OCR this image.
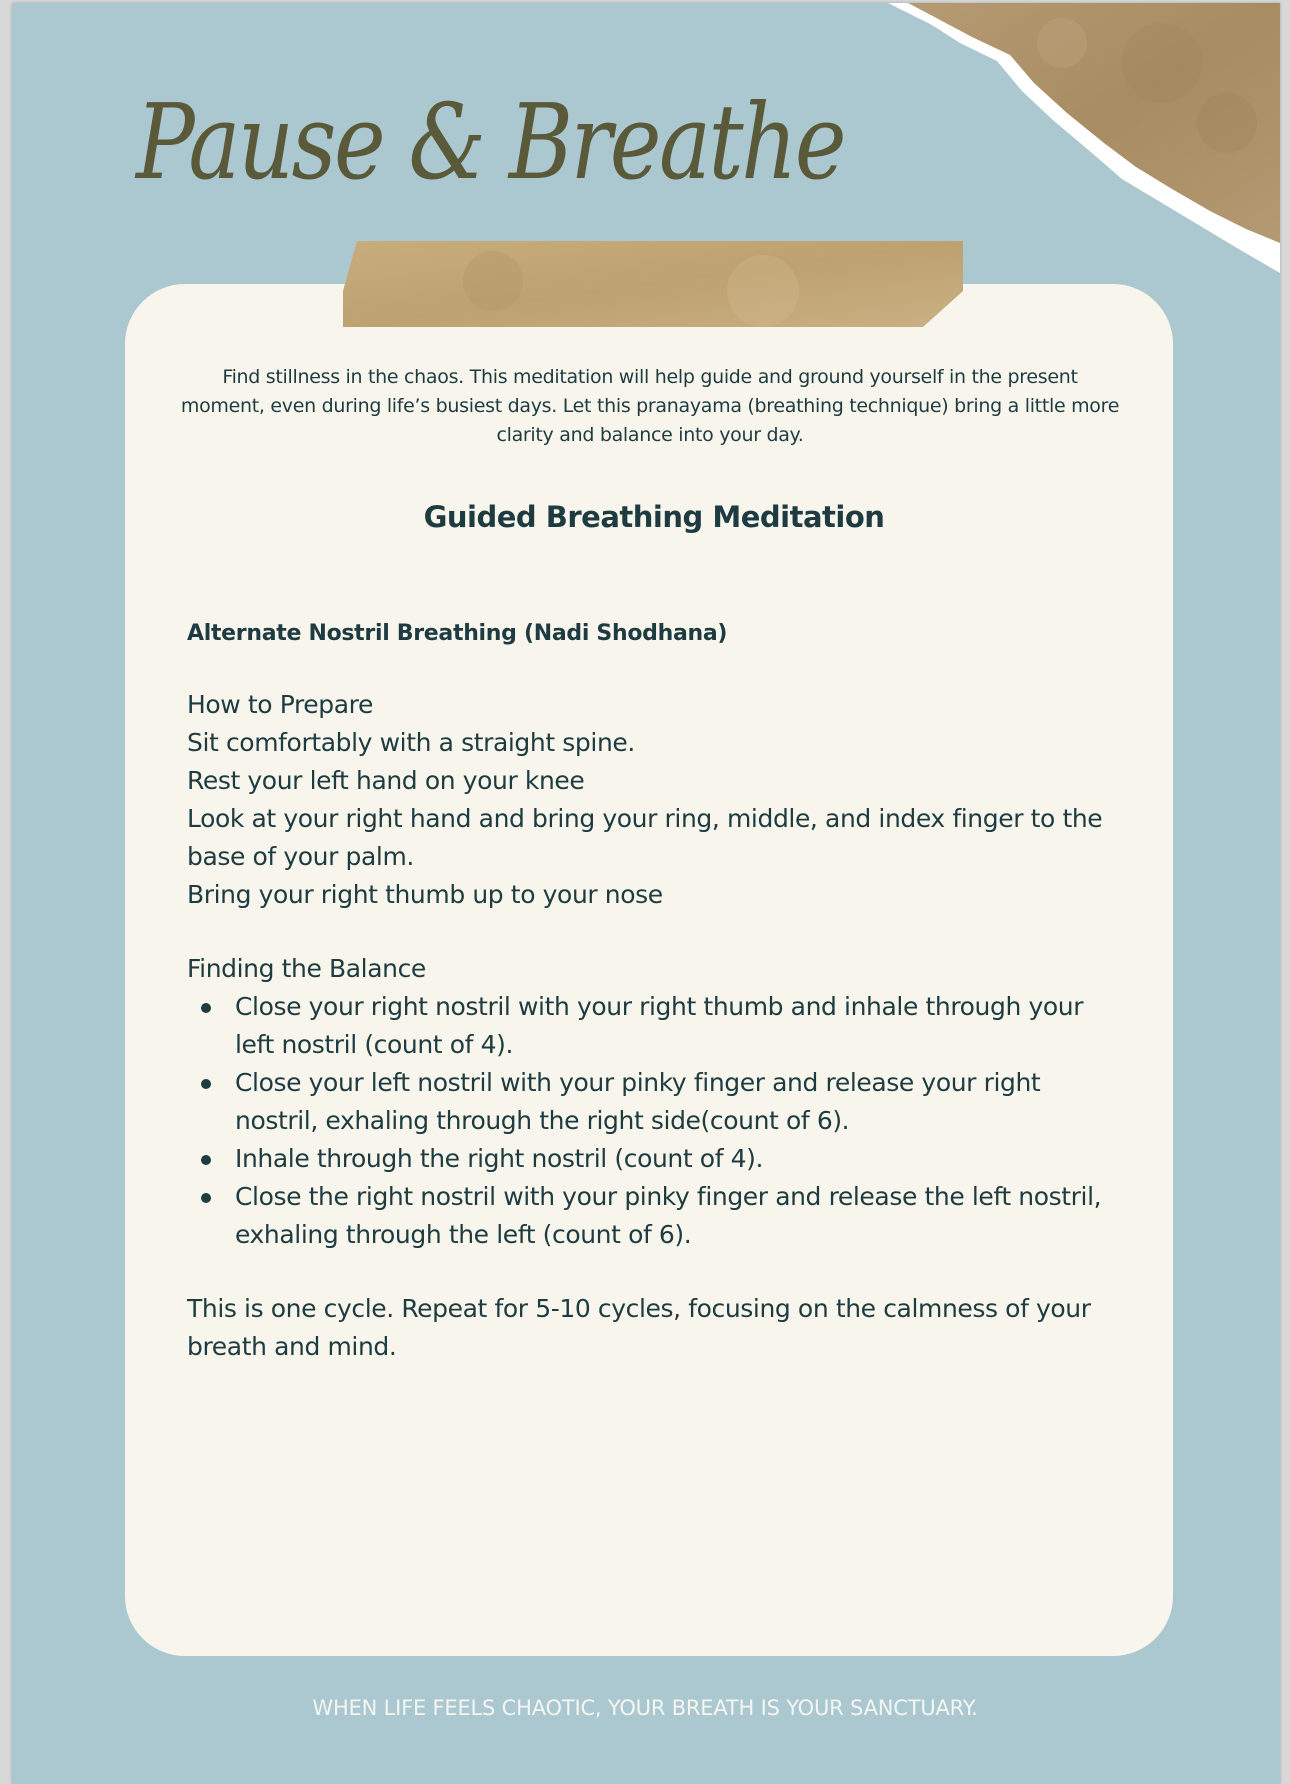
Pause & Breathe
Find stillness in the chaos. This meditation will help guide and ground yourself in the present moment, even during life’s busiest days. Let this pranayama (breathing technique) bring a little more clarity and balance into your day.
Guided Breathing Meditation
Alternate Nostril Breathing (Nadi Shodhana)
How to Prepare
Sit comfortably with a straight spine.
Rest your left hand on your knee
Look at your right hand and bring your ring, middle, and index finger to the base of your palm.
Bring your right thumb up to your nose
Finding the Balance
Close your right nostril with your right thumb and inhale through your left nostril (count of 4).
Close your left nostril with your pinky finger and release your right nostril, exhaling through the right side(count of 6).
Inhale through the right nostril (count of 4).
Close the right nostril with your pinky finger and release the left nostril, exhaling through the left (count of 6).
This is one cycle. Repeat for 5-10 cycles, focusing on the calmness of your breath and mind.
WHEN LIFE FEELS CHAOTIC, YOUR BREATH IS YOUR SANCTUARY.
